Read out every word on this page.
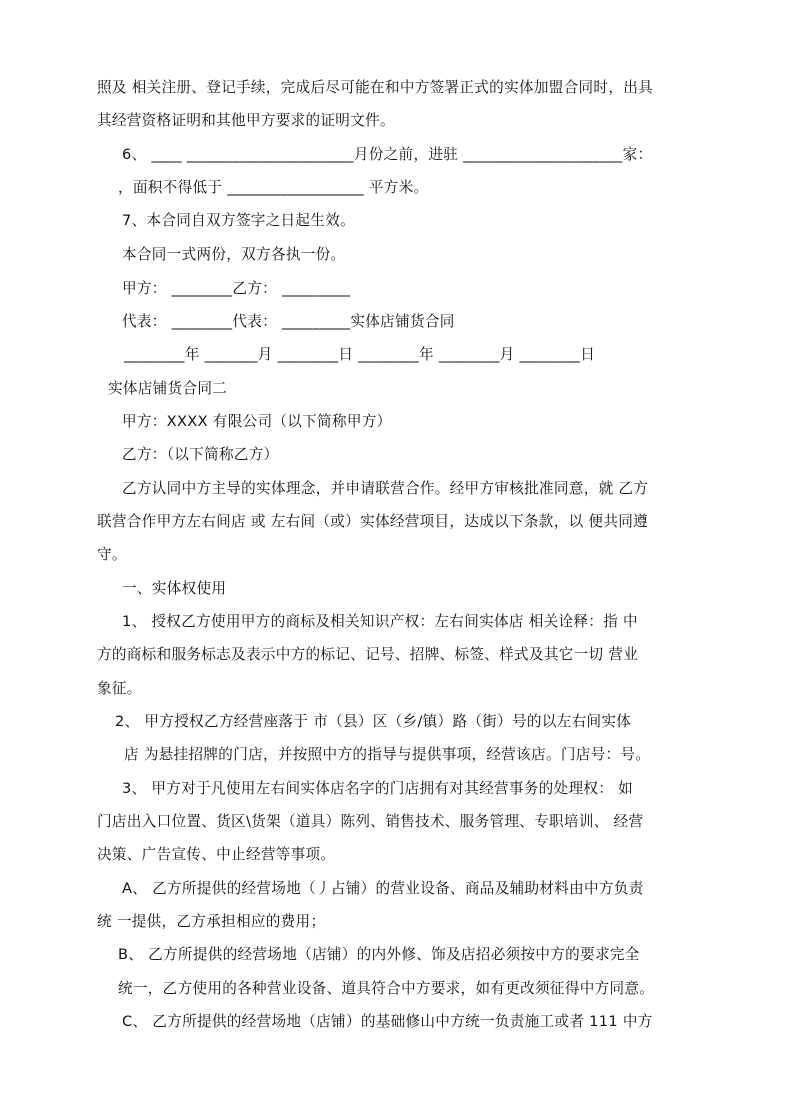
照及 相关注册、登记手续，完成后尽可能在和中方签署正式的实体加盟合同时，出具
其经营资格证明和其他甲方要求的证明文件。
6、 ____ ______________________月份之前，进驻 _____________________家：
，面积不得低于 __________________ 平方米。
7、本合同自双方签字之日起生效。
本合同一式两份，双方各执一份。
甲方： ________乙方： _________
代表： ________代表： _________实体店铺货合同
________年 _______月 ________日 ________年 ________月 ________日
实体店铺货合同二
甲方：XXXX 有限公司（以下简称甲方）
乙方：（以下简称乙方）
乙方认同中方主导的实体理念，并申请联营合作。经甲方审核批准同意，就 乙方
联营合作甲方左右间店 或 左右间（或）实体经营项目，达成以下条款，以 便共同遵
守。
一、实体权使用
1、 授权乙方使用甲方的商标及相关知识产权：左右间实体店 相关诠释：指 中
方的商标和服务标志及表示中方的标记、记号、招牌、标签、样式及其它一切 营业
象征。
2、 甲方授权乙方经营座落于 市（县）区（乡/镇）路（街）号的以左右间实体
店 为悬挂招牌的门店，并按照中方的指导与提供事项，经营该店。门店号：号。
3、 甲方对于凡使用左右间实体店名字的门店拥有对其经营事务的处理权： 如
门店出入口位置、货区\货架（道具）陈列、销售技术、服务管理、专职培训、 经营
决策、广告宣传、中止经营等事项。
A、 乙方所提供的经营场地（丿占铺）的营业设备、商品及辅助材料由中方负责
统 一提供，乙方承担相应的费用；
B、 乙方所提供的经营场地（店铺）的内外修、饰及店招必须按中方的要求完全
统一，乙方使用的各种营业设备、道具符合中方要求，如有更改须征得中方同意。
C、 乙方所提供的经营场地（店铺）的基础修山中方统一负责施工或者 111 中方
